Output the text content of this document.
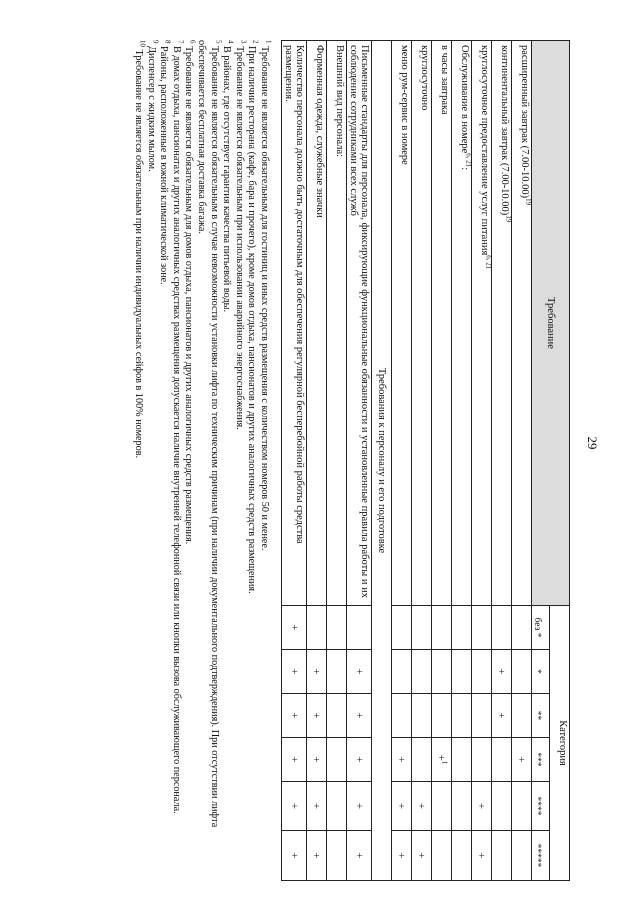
29
Требование	Категория					
	без *	*	**	***	****	*****
расширенный завтрак $(7.00-10.00)^{19}$				+		
континентальный завтрак $(7.00-10.00)^{19}$		+	+			
круглосуточное предоставление услуг питания$^{6, 21}$					+	+
Обслуживание в номере$^{6, 21}$:						
в часы завтрака				+$^1$		
круглосуточно					+	+
меню рум-сервис в номере				+	+	+
Требования к персоналу и его подготовке						
Письменные стандарты для персонала, фиксирующие функциональные обязанности и установленные правила работы и их соблюдение сотрудниками всех служб		+	+	+	+	+
Внешний вид персонала:						
Форменная одежда, служебные значки		+	+	+	+	+
Количество персонала должно быть достаточным для обеспечения регулярной бесперебойной работы средства размещения.	+	+	+	+	+	+

$^1$ Требование не является обязательным для гостиниц и иных средств размещения с количеством номеров 50 и менее.

$^2$ При наличии ресторана (кафе, бара и прочего), кроме домов отдыха, пансионатов и других аналогичных средств размещения.

$^3$ Требование не является обязательным при использовании аварийного энергоснабжения.

$^4$ В районах, где отсутствует гарантия качества питьевой воды.

$^5$ Требование не является обязательным в случае невозможности установки лифта по техническим причинам (при наличии документального подтверждения). При отсутствии лифта обеспечивается бесплатная доставка багажа.

$^6$ Требование не является обязательным для домов отдыха, пансионатов и других аналогичных средств размещения.

$^7$ В домах отдыха, пансионатах и других аналогичных средствах размещения допускается наличие внутренней телефонной связи или кнопки вызова обслуживающего персонала.

$^8$ Районы, расположенные в южной климатической зоне.

$^9$ Диспенсер с жидким мылом.

$^{10}$ Требование не является обязательным при наличии индивидуальных сейфов в 100% номеров.
